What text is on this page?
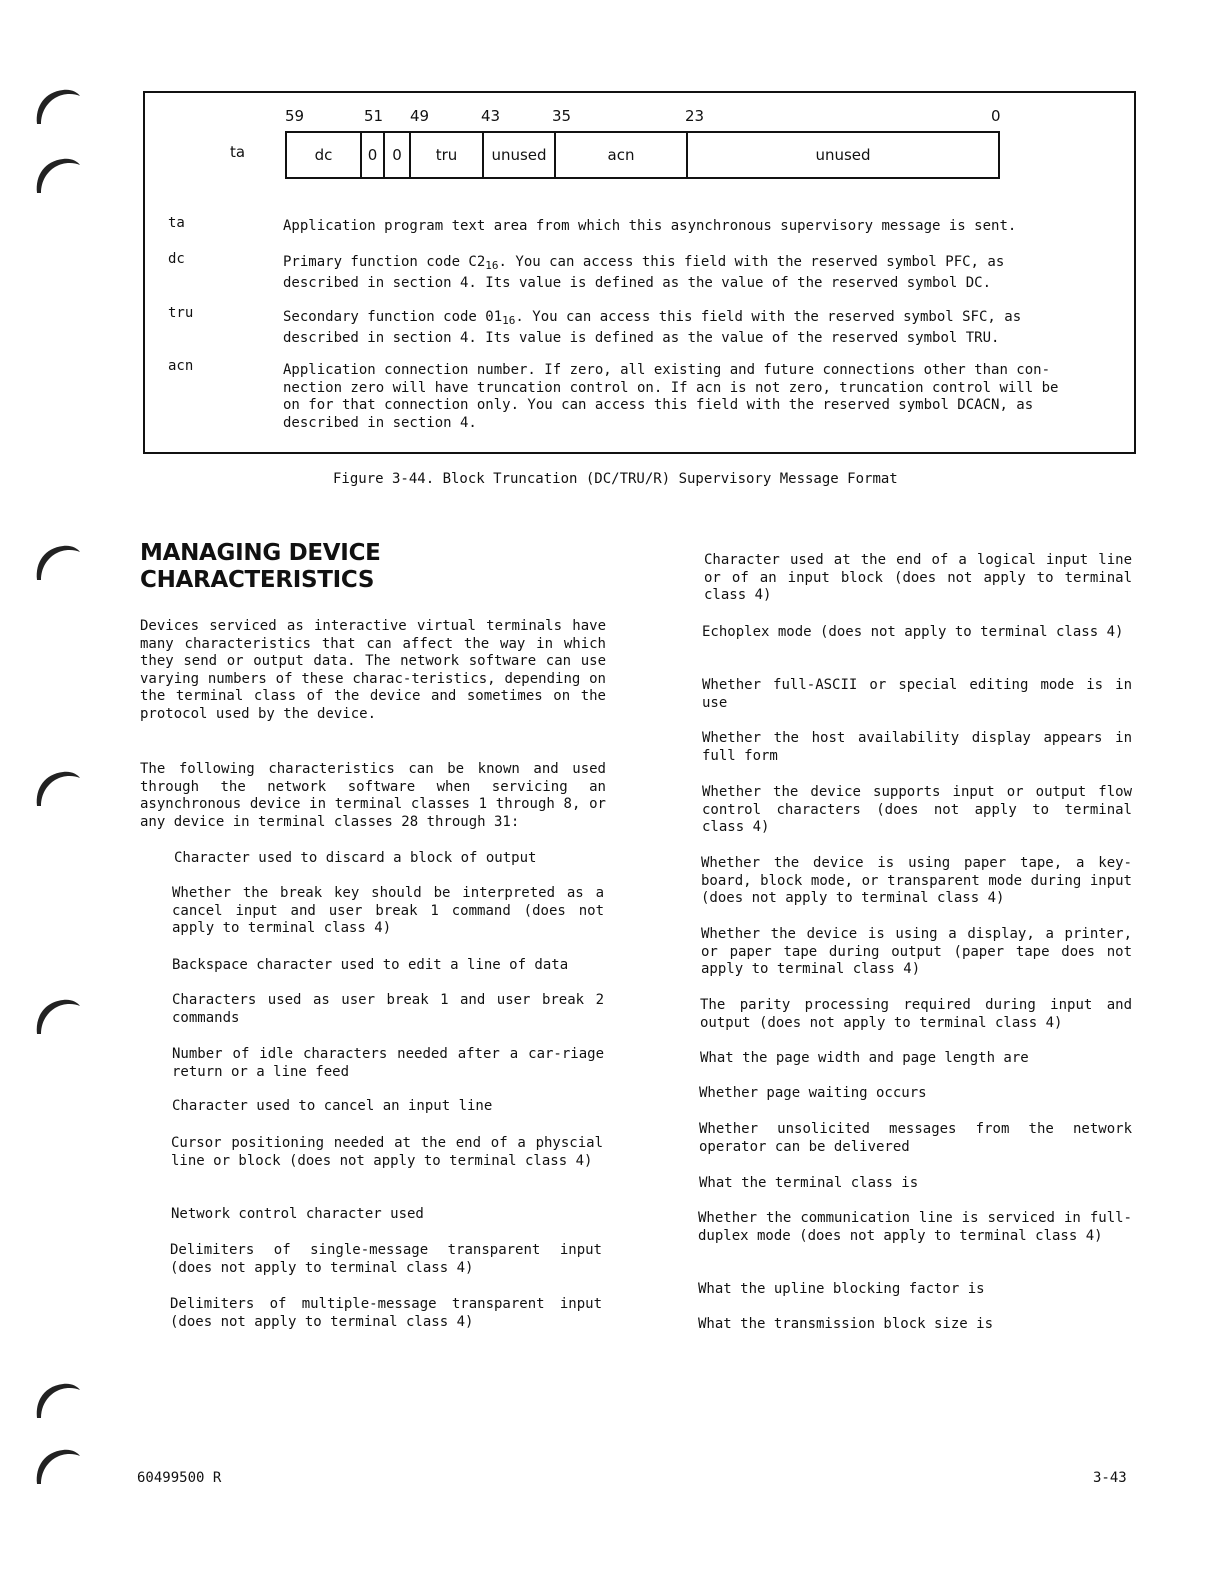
59	51 49	43	35	23	0
ta	dc	0 0	tru	unused	acn	unused
ta	Application program text area from which this asynchronous supervisory message is sent.
dc	Primary function code $C2_{16}$. You can access this field with the reserved symbol PFC, as
described in section 4. Its value is defined as the value of the reserved symbol DC.
tru	Secondary function code $01_{16}$. You can access this field with the reserved symbol SFC, as
described in section 4. Its value is defined as the value of the reserved symbol TRU.
acn	Application connection number. If zero, all existing and future connections other than con-
nection zero will have truncation control on. If acn is not zero, truncation control will be
on for that connection only. You can access this field with the reserved symbol DCACN, as
described in section 4.
Figure 3-44. Block Truncation (DC/TRU/R) Supervisory Message Format
MANAGING DEVICE
CHARACTERISTICS
Devices serviced as interactive virtual terminals have many characteristics that can affect the way in which they send or output data. The network software can use varying numbers of these charac-teristics, depending on the terminal class of the device and sometimes on the protocol used by the device.
The following characteristics can be known and used through the network software when servicing an asynchronous device in terminal classes 1 through 8, or any device in terminal classes 28 through 31:
Character used to discard a block of output
Whether the break key should be interpreted as a cancel input and user break 1 command (does not apply to terminal class 4)
Backspace character used to edit a line of data
Characters used as user break 1 and user break 2 commands
Number of idle characters needed after a car-riage return or a line feed
Character used to cancel an input line
Cursor positioning needed at the end of a physcial line or block (does not apply to terminal class 4)
Network control character used
Delimiters of single-message transparent input (does not apply to terminal class 4)
Delimiters of multiple-message transparent input (does not apply to terminal class 4)
Character used at the end of a logical input line or of an input block (does not apply to terminal class 4)
Echoplex mode (does not apply to terminal class 4)
Whether full-ASCII or special editing mode is in use
Whether the host availability display appears in full form
Whether the device supports input or output flow control characters (does not apply to terminal class 4)
Whether the device is using paper tape, a key-board, block mode, or transparent mode during input (does not apply to terminal class 4)
Whether the device is using a display, a printer, or paper tape during output (paper tape does not apply to terminal class 4)
The parity processing required during input and output (does not apply to terminal class 4)
What the page width and page length are
Whether page waiting occurs
Whether unsolicited messages from the network operator can be delivered
What the terminal class is
Whether the communication line is serviced in full-duplex mode (does not apply to terminal class 4)
What the upline blocking factor is
What the transmission block size is
60499500 R	3-43
